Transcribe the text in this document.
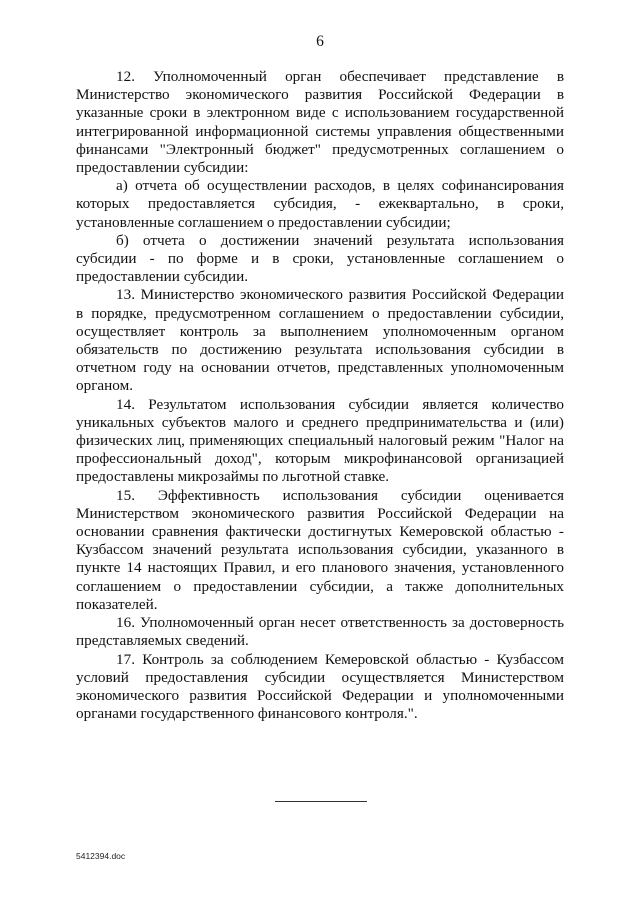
6

12. Уполномоченный орган обеспечивает представление в Министерство экономического развития Российской Федерации в указанные сроки в электронном виде с использованием государственной интегрированной информационной системы управления общественными финансами "Электронный бюджет" предусмотренных соглашением о предоставлении субсидии:

а) отчета об осуществлении расходов, в целях софинансирования которых предоставляется субсидия, - ежеквартально, в сроки, установленные соглашением о предоставлении субсидии;

б) отчета о достижении значений результата использования субсидии - по форме и в сроки, установленные соглашением о предоставлении субсидии.

13. Министерство экономического развития Российской Федерации в порядке, предусмотренном соглашением о предоставлении субсидии, осуществляет контроль за выполнением уполномоченным органом обязательств по достижению результата использования субсидии в отчетном году на основании отчетов, представленных уполномоченным органом.

14. Результатом использования субсидии является количество уникальных субъектов малого и среднего предпринимательства и (или) физических лиц, применяющих специальный налоговый режим "Налог на профессиональный доход", которым микрофинансовой организацией предоставлены микрозаймы по льготной ставке.

15. Эффективность использования субсидии оценивается Министерством экономического развития Российской Федерации на основании сравнения фактически достигнутых Кемеровской областью - Кузбассом значений результата использования субсидии, указанного в пункте 14 настоящих Правил, и его планового значения, установленного соглашением о предоставлении субсидии, а также дополнительных показателей.

16. Уполномоченный орган несет ответственность за достоверность представляемых сведений.

17. Контроль за соблюдением Кемеровской областью - Кузбассом условий предоставления субсидии осуществляется Министерством экономического развития Российской Федерации и уполномоченными органами государственного финансового контроля.".

5412394.doc
